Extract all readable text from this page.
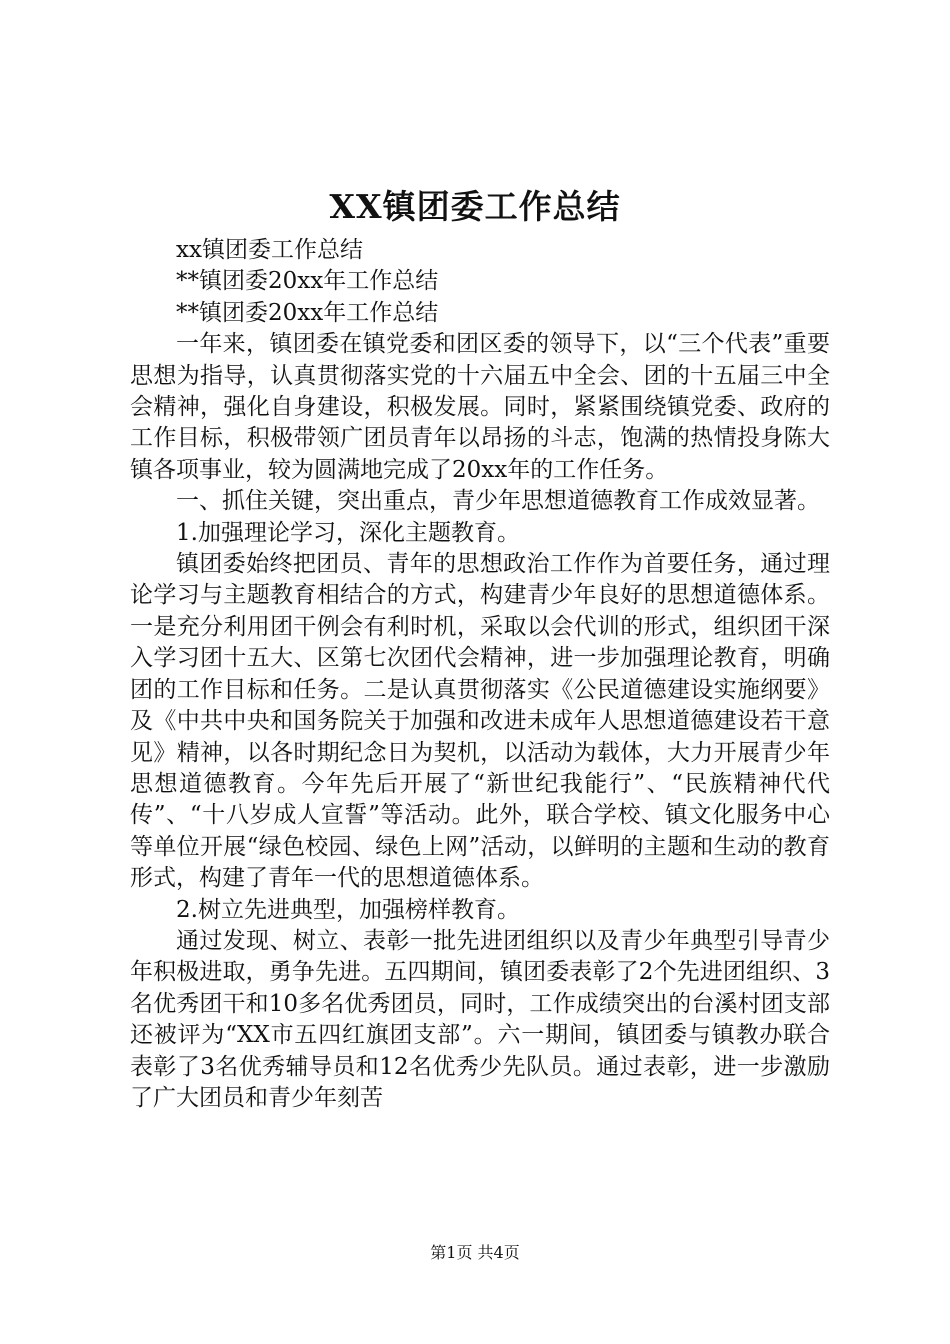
XX镇团委工作总结

xx镇团委工作总结

**镇团委20xx年工作总结

**镇团委20xx年工作总结

一年来，镇团委在镇党委和团区委的领导下，以“三个代表”重要思想为指导，认真贯彻落实党的十六届五中全会、团的十五届三中全会精神，强化自身建设，积极发展。同时，紧紧围绕镇党委、政府的工作目标，积极带领广团员青年以昂扬的斗志，饱满的热情投身陈大镇各项事业，较为圆满地完成了20xx年的工作任务。

一、抓住关键，突出重点，青少年思想道德教育工作成效显著。

1.加强理论学习，深化主题教育。

镇团委始终把团员、青年的思想政治工作作为首要任务，通过理论学习与主题教育相结合的方式，构建青少年良好的思想道德体系。一是充分利用团干例会有利时机，采取以会代训的形式，组织团干深入学习团十五大、区第七次团代会精神，进一步加强理论教育，明确团的工作目标和任务。二是认真贯彻落实《公民道德建设实施纲要》及《中共中央和国务院关于加强和改进未成年人思想道德建设若干意见》精神，以各时期纪念日为契机，以活动为载体，大力开展青少年思想道德教育。今年先后开展了“新世纪我能行”、“民族精神代代传”、“十八岁成人宣誓”等活动。此外，联合学校、镇文化服务中心等单位开展“绿色校园、绿色上网”活动，以鲜明的主题和生动的教育形式，构建了青年一代的思想道德体系。

2.树立先进典型，加强榜样教育。

通过发现、树立、表彰一批先进团组织以及青少年典型引导青少年积极进取，勇争先进。五四期间，镇团委表彰了2个先进团组织、3名优秀团干和10多名优秀团员，同时，工作成绩突出的台溪村团支部还被评为“XX市五四红旗团支部”。六一期间，镇团委与镇教办联合表彰了3名优秀辅导员和12名优秀少先队员。通过表彰，进一步激励了广大团员和青少年刻苦

第1页 共4页
